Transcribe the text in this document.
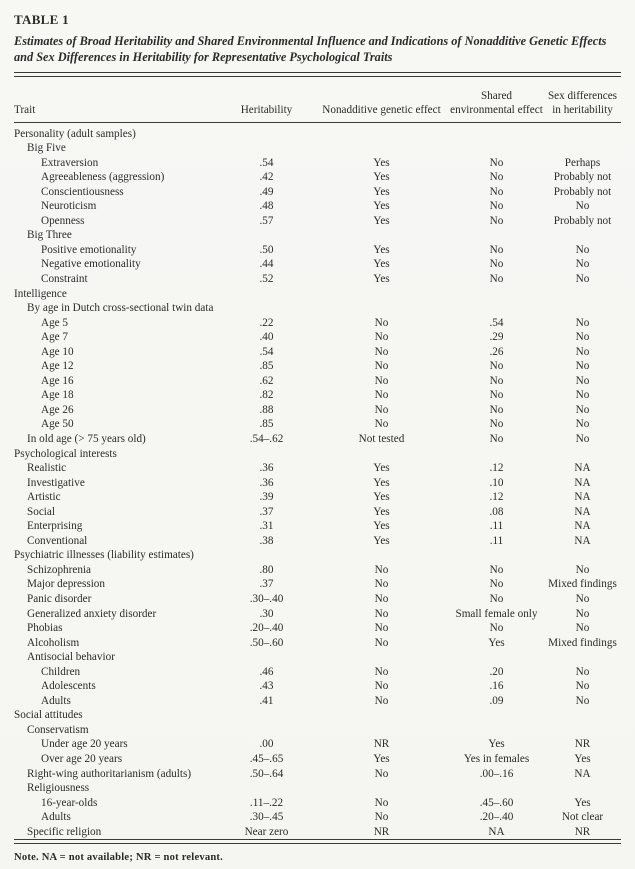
TABLE 1
Estimates of Broad Heritability and Shared Environmental Influence and Indications of Nonadditive Genetic Effects and Sex Differences in Heritability for Representative Psychological Traits
Trait	Heritability	Nonadditive genetic effect	Shared environmental effect	Sex differences in heritability
Personality (adult samples)				
Big Five				
Extraversion	.54	Yes	No	Perhaps
Agreeableness (aggression)	.42	Yes	No	Probably not
Conscientiousness	.49	Yes	No	Probably not
Neuroticism	.48	Yes	No	No
Openness	.57	Yes	No	Probably not
Big Three				
Positive emotionality	.50	Yes	No	No
Negative emotionality	.44	Yes	No	No
Constraint	.52	Yes	No	No
Intelligence				
By age in Dutch cross-sectional twin data				
Age 5	.22	No	.54	No
Age 7	.40	No	.29	No
Age 10	.54	No	.26	No
Age 12	.85	No	No	No
Age 16	.62	No	No	No
Age 18	.82	No	No	No
Age 26	.88	No	No	No
Age 50	.85	No	No	No
In old age (> 75 years old)	.54–.62	Not tested	No	No
Psychological interests				
Realistic	.36	Yes	.12	NA
Investigative	.36	Yes	.10	NA
Artistic	.39	Yes	.12	NA
Social	.37	Yes	.08	NA
Enterprising	.31	Yes	.11	NA
Conventional	.38	Yes	.11	NA
Psychiatric illnesses (liability estimates)				
Schizophrenia	.80	No	No	No
Major depression	.37	No	No	Mixed findings
Panic disorder	.30–.40	No	No	No
Generalized anxiety disorder	.30	No	Small female only	No
Phobias	.20–.40	No	No	No
Alcoholism	.50–.60	No	Yes	Mixed findings
Antisocial behavior				
Children	.46	No	.20	No
Adolescents	.43	No	.16	No
Adults	.41	No	.09	No
Social attitudes				
Conservatism				
Under age 20 years	.00	NR	Yes	NR
Over age 20 years	.45–.65	Yes	Yes in females	Yes
Right-wing authoritarianism (adults)	.50–.64	No	.00–.16	NA
Religiousness				
16-year-olds	.11–.22	No	.45–.60	Yes
Adults	.30–.45	No	.20–.40	Not clear
Specific religion	Near zero	NR	NA	NR
Note. NA = not available; NR = not relevant.
